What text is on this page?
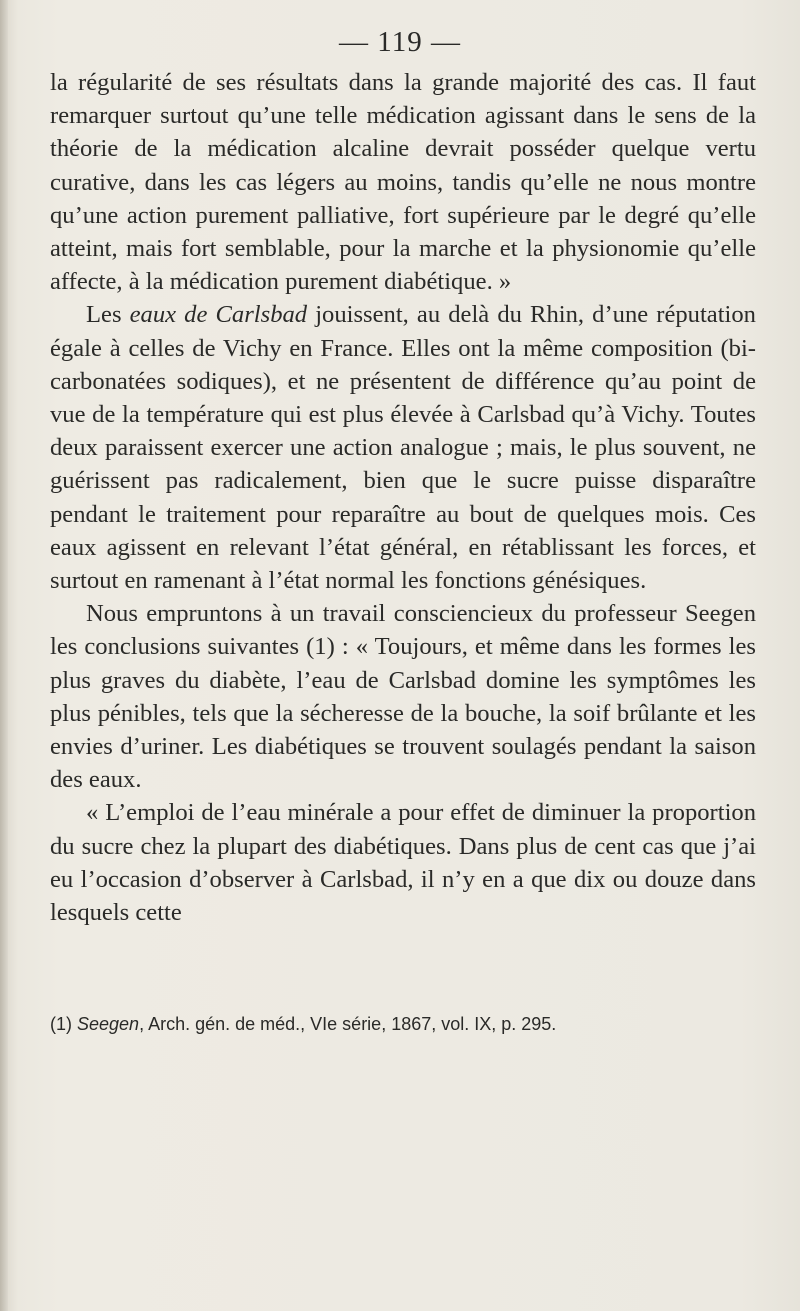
— 119 —

la régularité de ses résultats dans la grande majorité des cas. Il faut remarquer surtout qu’une telle médication agissant dans le sens de la théorie de la médication alcaline devrait posséder quelque vertu curative, dans les cas légers au moins, tandis qu’elle ne nous montre qu’une action purement palliative, fort supérieure par le degré qu’elle atteint, mais fort semblable, pour la marche et la physionomie qu’elle affecte, à la médication purement diabétique. »

Les eaux de Carlsbad jouissent, au delà du Rhin, d’une réputation égale à celles de Vichy en France. Elles ont la même composition (bi-carbonatées sodiques), et ne présentent de différence qu’au point de vue de la température qui est plus élevée à Carlsbad qu’à Vichy. Toutes deux paraissent exercer une action analogue ; mais, le plus souvent, ne guérissent pas radicalement, bien que le sucre puisse disparaître pendant le traitement pour reparaître au bout de quelques mois. Ces eaux agissent en relevant l’état général, en rétablissant les forces, et surtout en ramenant à l’état normal les fonctions génésiques.

Nous empruntons à un travail consciencieux du professeur Seegen les conclusions suivantes (1) : « Toujours, et même dans les formes les plus graves du diabète, l’eau de Carlsbad domine les symptômes les plus pénibles, tels que la sécheresse de la bouche, la soif brûlante et les envies d’uriner. Les diabétiques se trouvent soulagés pendant la saison des eaux.

« L’emploi de l’eau minérale a pour effet de diminuer la proportion du sucre chez la plupart des diabétiques. Dans plus de cent cas que j’ai eu l’occasion d’observer à Carlsbad, il n’y en a que dix ou douze dans lesquels cette

(1) Seegen, Arch. gén. de méd., VIe série, 1867, vol. IX, p. 295.
